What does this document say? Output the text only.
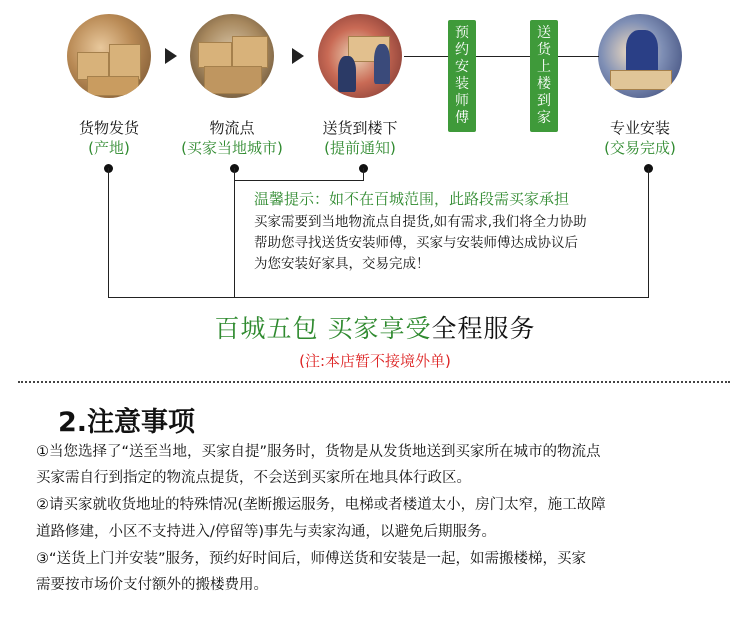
预
约
安
装
师
傅
送
货
上
楼
到
家
货物发货
(产地)
物流点
(买家当地城市)
送货到楼下
(提前通知)
专业安装
(交易完成)
温馨提示：如不在百城范围，此路段需买家承担
买家需要到当地物流点自提货,如有需求,我们将全力协助
帮助您寻找送货安装师傅，买家与安装师傅达成协议后
为您安装好家具，交易完成！
百城五包 买家享受全程服务
(注:本店暂不接境外单)
2.注意事项
①当您选择了“送至当地，买家自提”服务时，货物是从发货地送到买家所在城市的物流点
买家需自行到指定的物流点提货，不会送到买家所在地具体行政区。
②请买家就收货地址的特殊情况(垄断搬运服务，电梯或者楼道太小，房门太窄，施工故障
道路修建，小区不支持进入/停留等)事先与卖家沟通，以避免后期服务。
③“送货上门并安装”服务，预约好时间后，师傅送货和安装是一起，如需搬楼梯，买家
需要按市场价支付额外的搬楼费用。
